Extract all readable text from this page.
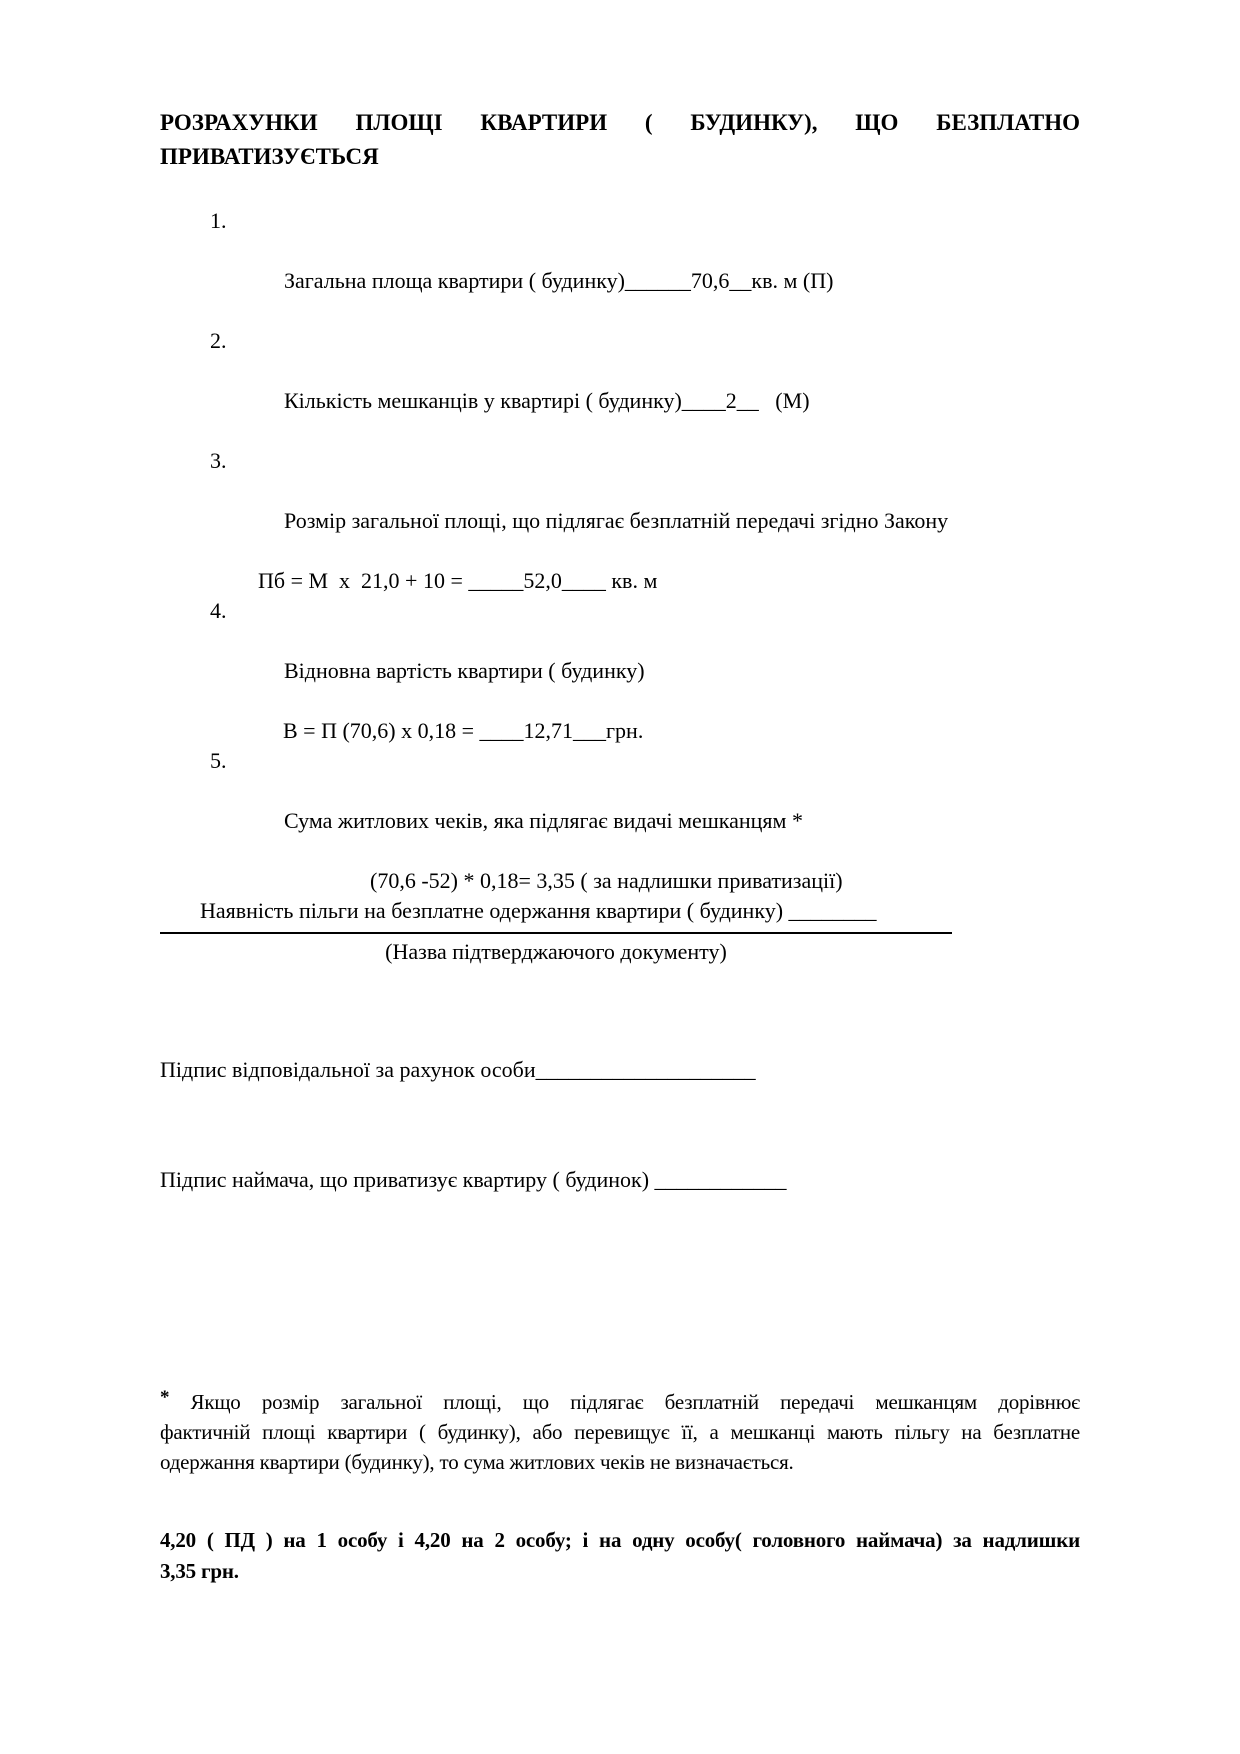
РОЗРАХУНКИ ПЛОЩІ КВАРТИРИ ( БУДИНКУ), ЩО БЕЗПЛАТНО
ПРИВАТИЗУЄТЬСЯ

1.

Загальна площа квартири ( будинку)______70,6__кв. м (П)

2.

Кількість мешканців у квартирі ( будинку)____2__   (М)

3.

Розмір загальної площі, що підлягає безплатній передачі згідно Закону

Пб = М  х  21,0 + 10 = _____52,0____ кв. м

4.

Відновна вартість квартири ( будинку)

В = П (70,6) х 0,18 = ____12,71___грн.

5.

Сума житлових чеків, яка підлягає видачі мешканцям *

(70,6 -52) * 0,18= 3,35 ( за надлишки приватизації)
Наявність пільги на безплатне одержання квартири ( будинку) ________
(Назва підтверджаючого документу)
Підпис відповідальної за рахунок особи____________________
Підпис наймача, що приватизує квартиру ( будинок) ____________
* Якщо розмір загальної площі, що підлягає безплатній передачі мешканцям дорівнює
фактичній площі квартири ( будинку), або перевищує її, а мешканці мають пільгу на безплатне
одержання квартири (будинку), то сума житлових чеків не визначається.
4,20 ( ПД ) на 1 особу і 4,20 на 2 особу; і на одну особу( головного наймача) за надлишки
3,35 грн.
